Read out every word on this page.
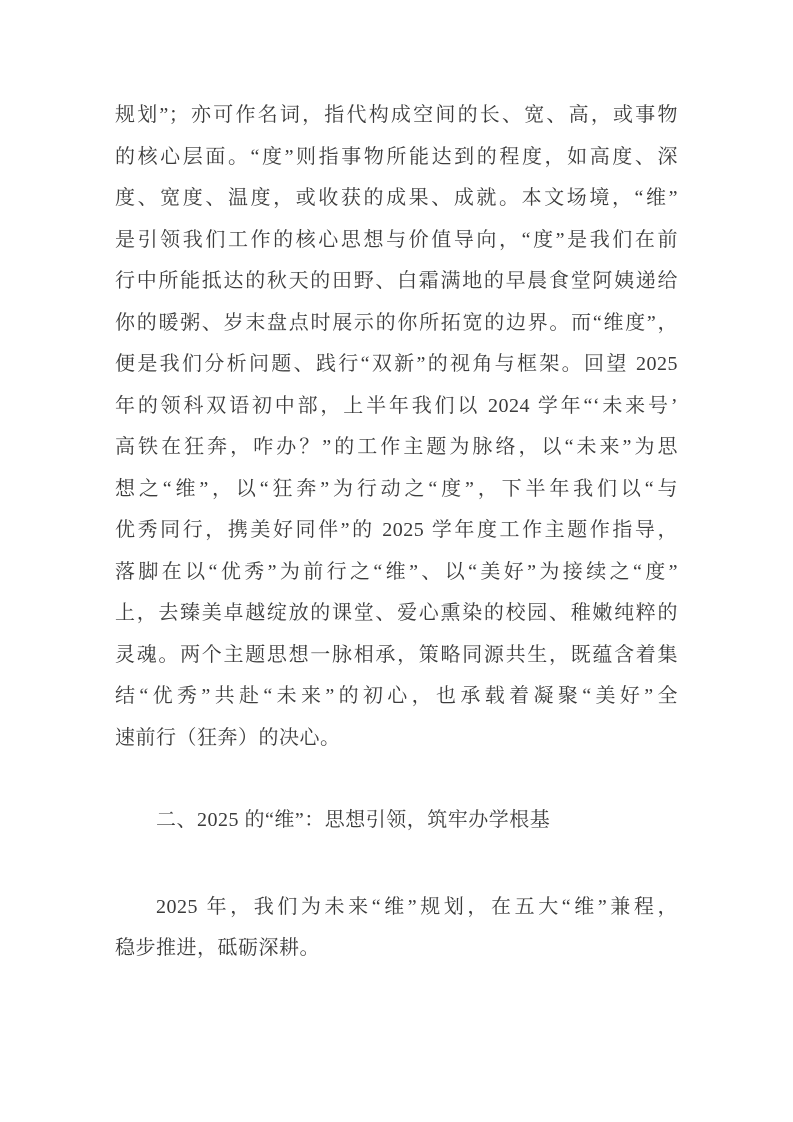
规划”；亦可作名词，指代构成空间的长、宽、高，或事物
的核心层面。“度”则指事物所能达到的程度，如高度、深
度、宽度、温度，或收获的成果、成就。本文场境，“维”
是引领我们工作的核心思想与价值导向，“度”是我们在前
行中所能抵达的秋天的田野、白霜满地的早晨食堂阿姨递给
你的暖粥、岁末盘点时展示的你所拓宽的边界。而“维度”，
便是我们分析问题、践行“双新”的视角与框架。回望 2025
年的领科双语初中部，上半年我们以 2024 学年“‘未来号’
高铁在狂奔，咋办？”的工作主题为脉络，以“未来”为思
想之“维”，以“狂奔”为行动之“度”，下半年我们以“与
优秀同行，携美好同伴”的 2025 学年度工作主题作指导，
落脚在以“优秀”为前行之“维”、以“美好”为接续之“度”
上，去臻美卓越绽放的课堂、爱心熏染的校园、稚嫩纯粹的
灵魂。两个主题思想一脉相承，策略同源共生，既蕴含着集
结“优秀”共赴“未来”的初心，也承载着凝聚“美好”全
速前行（狂奔）的决心。
二、2025 的“维”：思想引领，筑牢办学根基
2025 年，我们为未来“维”规划，在五大“维”兼程，
稳步推进，砥砺深耕。
